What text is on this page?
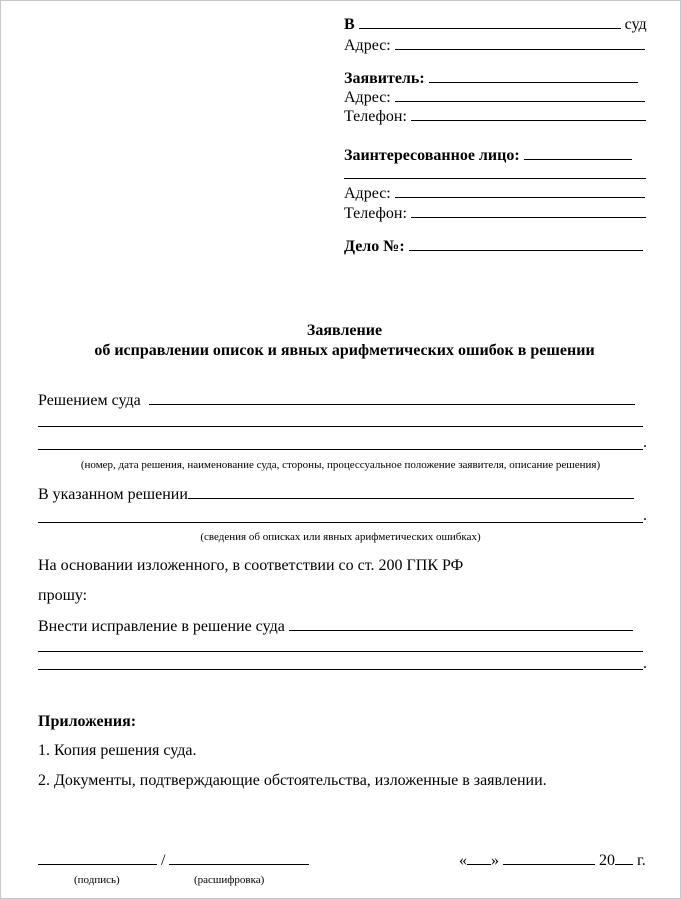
В	суд
Адрес:
Заявитель:
Адрес:
Телефон:
Заинтересованное лицо:
Адрес:
Телефон:
Дело №:
Заявление
об исправлении описок и явных арифметических ошибок в решении
Решением суда
.
(номер, дата решения, наименование суда, стороны, процессуальное положение заявителя, описание решения)
В указанном решении
.
(сведения об описках или явных арифметических ошибках)
На основании изложенного, в соответствии со ст. 200 ГПК РФ
прошу:
Внести исправление в решение суда
.
Приложения:
1. Копия решения суда.
2. Документы, подтверждающие обстоятельства, изложенные в заявлении.
/
(подпись)	(расшифровка)
« »	20 г.
